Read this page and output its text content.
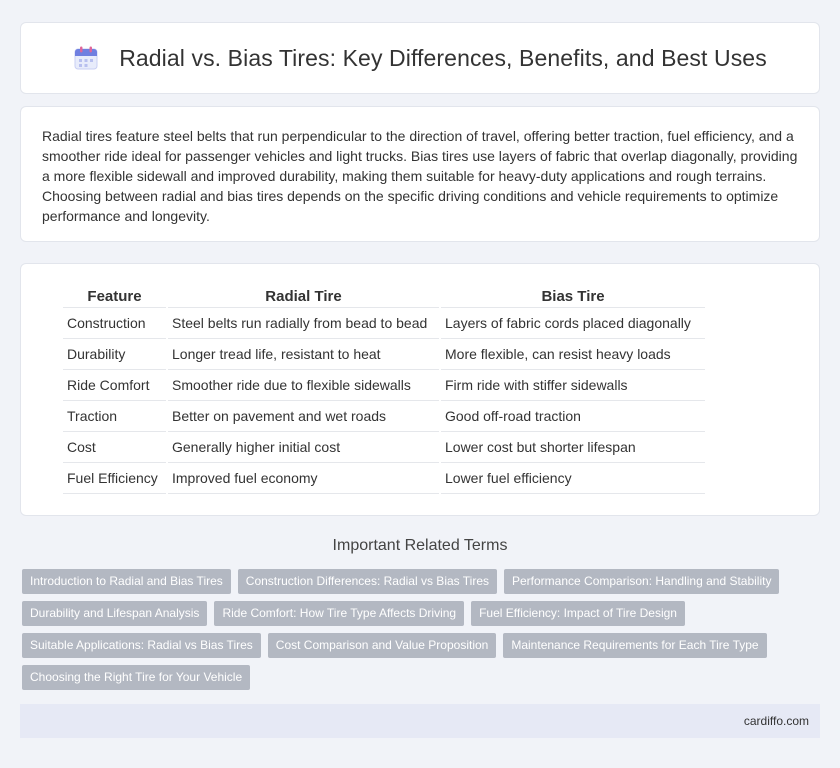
Radial vs. Bias Tires: Key Differences, Benefits, and Best Uses

Radial tires feature steel belts that run perpendicular to the direction of travel, offering better traction, fuel efficiency, and a smoother ride ideal for passenger vehicles and light trucks. Bias tires use layers of fabric that overlap diagonally, providing a more flexible sidewall and improved durability, making them suitable for heavy-duty applications and rough terrains. Choosing between radial and bias tires depends on the specific driving conditions and vehicle requirements to optimize performance and longevity.

Feature	Radial Tire	Bias Tire
Construction	Steel belts run radially from bead to bead	Layers of fabric cords placed diagonally
Durability	Longer tread life, resistant to heat	More flexible, can resist heavy loads
Ride Comfort	Smoother ride due to flexible sidewalls	Firm ride with stiffer sidewalls
Traction	Better on pavement and wet roads	Good off-road traction
Cost	Generally higher initial cost	Lower cost but shorter lifespan
Fuel Efficiency	Improved fuel economy	Lower fuel efficiency
Important Related Terms
Introduction to Radial and Bias Tires	Construction Differences: Radial vs Bias Tires	Performance Comparison: Handling and Stability
Durability and Lifespan Analysis	Ride Comfort: How Tire Type Affects Driving	Fuel Efficiency: Impact of Tire Design
Suitable Applications: Radial vs Bias Tires	Cost Comparison and Value Proposition	Maintenance Requirements for Each Tire Type
Choosing the Right Tire for Your Vehicle
cardiffo.com
